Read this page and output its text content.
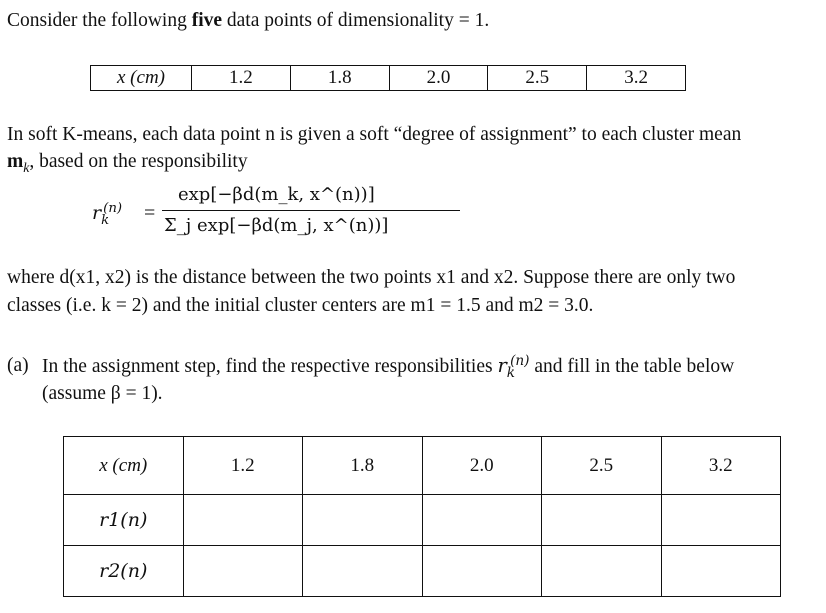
Consider the following five data points of dimensionality = 1.
x (cm)	1.2	1.8	2.0	2.5	3.2
In soft K-means, each data point n is given a soft “degree of assignment” to each cluster mean
$m_k$, based on the responsibility
$r_k^{(n)}$ =
exp[−βd(m_k, x^(n))]
Σ_j exp[−βd(m_j, x^(n))]
where d(x1, x2) is the distance between the two points x1 and x2. Suppose there are only two
classes (i.e. k = 2) and the initial cluster centers are m1 = 1.5 and m2 = 3.0.
(a) In the assignment step, find the respective responsibilities $r_k^{(n)}$ and fill in the table below
(assume β = 1).
x (cm)	1.2	1.8	2.0	2.5	3.2
r1(n)					
r2(n)					
